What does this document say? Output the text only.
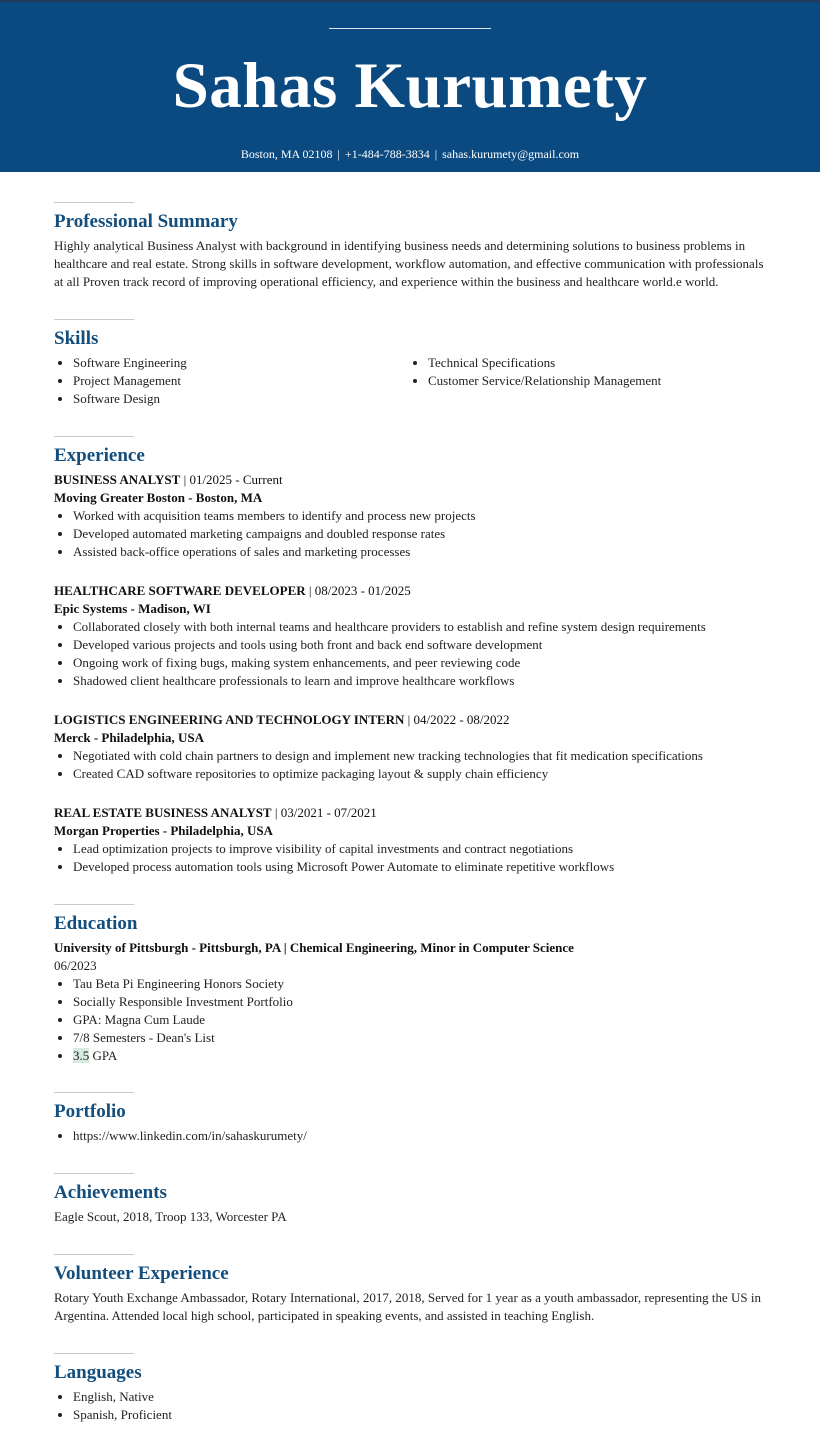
Sahas Kurumety
Boston, MA 02108 | +1-484-788-3834 | sahas.kurumety@gmail.com
Professional Summary

Highly analytical Business Analyst with background in identifying business needs and determining solutions to business problems in healthcare and real estate. Strong skills in software development, workflow automation, and effective communication with professionals at all Proven track record of improving operational efficiency, and experience within the business and healthcare world.e world.

Skills
• Software Engineering
• Project Management
• Software Design
• Technical Specifications
• Customer Service/Relationship Management
Experience
BUSINESS ANALYST | 01/2025 - Current
Moving Greater Boston - Boston, MA
• Worked with acquisition teams members to identify and process new projects
• Developed automated marketing campaigns and doubled response rates
• Assisted back-office operations of sales and marketing processes
HEALTHCARE SOFTWARE DEVELOPER | 08/2023 - 01/2025
Epic Systems - Madison, WI
• Collaborated closely with both internal teams and healthcare providers to establish and refine system design requirements
• Developed various projects and tools using both front and back end software development
• Ongoing work of fixing bugs, making system enhancements, and peer reviewing code
• Shadowed client healthcare professionals to learn and improve healthcare workflows
LOGISTICS ENGINEERING AND TECHNOLOGY INTERN | 04/2022 - 08/2022
Merck - Philadelphia, USA
• Negotiated with cold chain partners to design and implement new tracking technologies that fit medication specifications
• Created CAD software repositories to optimize packaging layout & supply chain efficiency
REAL ESTATE BUSINESS ANALYST | 03/2021 - 07/2021
Morgan Properties - Philadelphia, USA
• Lead optimization projects to improve visibility of capital investments and contract negotiations
• Developed process automation tools using Microsoft Power Automate to eliminate repetitive workflows
Education
University of Pittsburgh - Pittsburgh, PA | Chemical Engineering, Minor in Computer Science
06/2023
• Tau Beta Pi Engineering Honors Society
• Socially Responsible Investment Portfolio
• GPA: Magna Cum Laude
• 7/8 Semesters - Dean's List
• 3.5 GPA
Portfolio
• https://www.linkedin.com/in/sahaskurumety/
Achievements

Eagle Scout, 2018, Troop 133, Worcester PA

Volunteer Experience

Rotary Youth Exchange Ambassador, Rotary International, 2017, 2018, Served for 1 year as a youth ambassador, representing the US in Argentina. Attended local high school, participated in speaking events, and assisted in teaching English.

Languages
• English, Native
• Spanish, Proficient
